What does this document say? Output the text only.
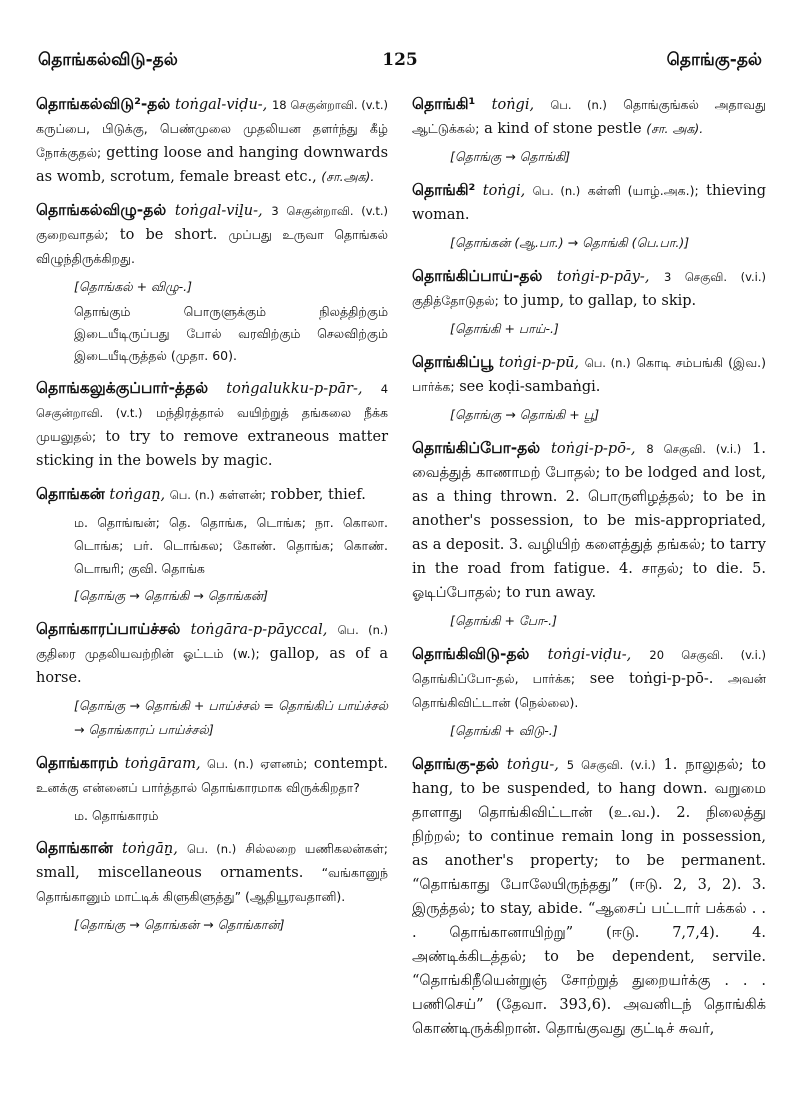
தொங்கல்விடு-தல்	125	தொங்கு-தல்
தொங்கல்விடு²-தல் toṅgal-viḍu-, 18 செகுன்றாவி. (v.t.) கருப்பை, பிடுக்கு, பெண்முலை முதலியன தளர்ந்து கீழ் நோக்குதல்; getting loose and hanging downwards as womb, scrotum, female breast etc., (சா.அக).
தொங்கல்விழு-தல் toṅgal-viḻu-, 3 செகுன்றாவி. (v.t.) குறைவாதல்; to be short. முப்பது உருவா தொங்கல் விழுந்திருக்கிறது.
[தொங்கல் + விழு-.]
தொங்கும் பொருளுக்கும் நிலத்திற்கும் இடையீடிருப்பது போல் வரவிற்கும் செலவிற்கும் இடையீடிருத்தல் (முதா. 60).
தொங்கலுக்குப்பார்-த்தல் toṅgalukku-p-pār-, 4 செகுன்றாவி. (v.t.) மந்திரத்தால் வயிற்றுத் தங்கலை நீக்க முயலுதல்; to try to remove extraneous matter sticking in the bowels by magic.
தொங்கன் toṅgaṉ, பெ. (n.) கள்ளன்; robber, thief.
ம. தொங்ஙன்; தெ. தொங்க, டொங்க; நா. கொலா. டொங்க; பர். டொங்கல; கோண். தொங்க; கொண். டொஙரி; குவி. தொங்க
[தொங்கு → தொங்கி → தொங்கன்]
தொங்காரப்பாய்ச்சல் toṅgāra-p-pāyccal, பெ. (n.) குதிரை முதலியவற்றின் ஓட்டம் (w.); gallop, as of a horse.
[தொங்கு → தொங்கி + பாய்ச்சல் = தொங்கிப் பாய்ச்சல் → தொங்காரப் பாய்ச்சல்]
தொங்காரம் toṅgāram, பெ. (n.) ஏளனம்; contempt. உனக்கு என்னைப் பார்த்தால் தொங்காரமாக விருக்கிறதா?
ம. தொங்காரம்
தொங்கான் toṅgāṉ, பெ. (n.) சில்லறை யணிகலன்கள்; small, miscellaneous ornaments. “வங்கானுந் தொங்கானும் மாட்டிக் கிளுகிளுத்து” (ஆதியூரவதானி).
[தொங்கு → தொங்கன் → தொங்கான்]
தொங்கி¹ toṅgi, பெ. (n.) தொங்குங்கல் அதாவது ஆட்டுக்கல்; a kind of stone pestle (சா. அக).
[தொங்கு → தொங்கி]
தொங்கி² toṅgi, பெ. (n.) கள்ளி (யாழ்.அக.); thieving woman.
[தொங்கன் (ஆ.பா.) → தொங்கி (பெ.பா.)]
தொங்கிப்பாய்-தல் toṅgi-p-pāy-, 3 செகுவி. (v.i.) குதித்தோடுதல்; to jump, to gallap, to skip.
[தொங்கி + பாய்-.]
தொங்கிப்பூ toṅgi-p-pū, பெ. (n.) கொடி சம்பங்கி (இவ.) பார்க்க; see koḍi-sambaṅgi.
[தொங்கு → தொங்கி + பூ]
தொங்கிப்போ-தல் toṅgi-p-pō-, 8 செகுவி. (v.i.) 1. வைத்துத் காணாமற் போதல்; to be lodged and lost, as a thing thrown. 2. பொருளிழத்தல்; to be in another's possession, to be mis-appropriated, as a deposit. 3. வழியிற் களைத்துத் தங்கல்; to tarry in the road from fatigue. 4. சாதல்; to die. 5. ஓடிப்போதல்; to run away.
[தொங்கி + போ-.]
தொங்கிவிடு-தல் toṅgi-viḍu-, 20 செகுவி. (v.i.) தொங்கிப்போ-தல், பார்க்க; see toṅgi-p-pō-. அவன் தொங்கிவிட்டான் (நெல்லை).
[தொங்கி + விடு-.]
தொங்கு-தல் toṅgu-, 5 செகுவி. (v.i.) 1. நாலுதல்; to hang, to be suspended, to hang down. வறுமை தாளாது தொங்கிவிட்டான் (உ.வ.). 2. நிலைத்து நிற்றல்; to continue remain long in possession, as another's property; to be permanent. “தொங்காது போலேயிருந்தது” (ஈடு. 2, 3, 2). 3. இருத்தல்; to stay, abide. “ஆசைப் பட்டார் பக்கல் . . . தொங்கானாயிற்று” (ஈடு. 7,7,4). 4. அண்டிக்கிடத்தல்; to be dependent, servile. “தொங்கிநீயென்றுஞ் சோற்றுத் துறையர்க்கு . . . பணிசெய்” (தேவா. 393,6). அவனிடந் தொங்கிக் கொண்டிருக்கிறான். தொங்குவது குட்டிச் சுவர்,
